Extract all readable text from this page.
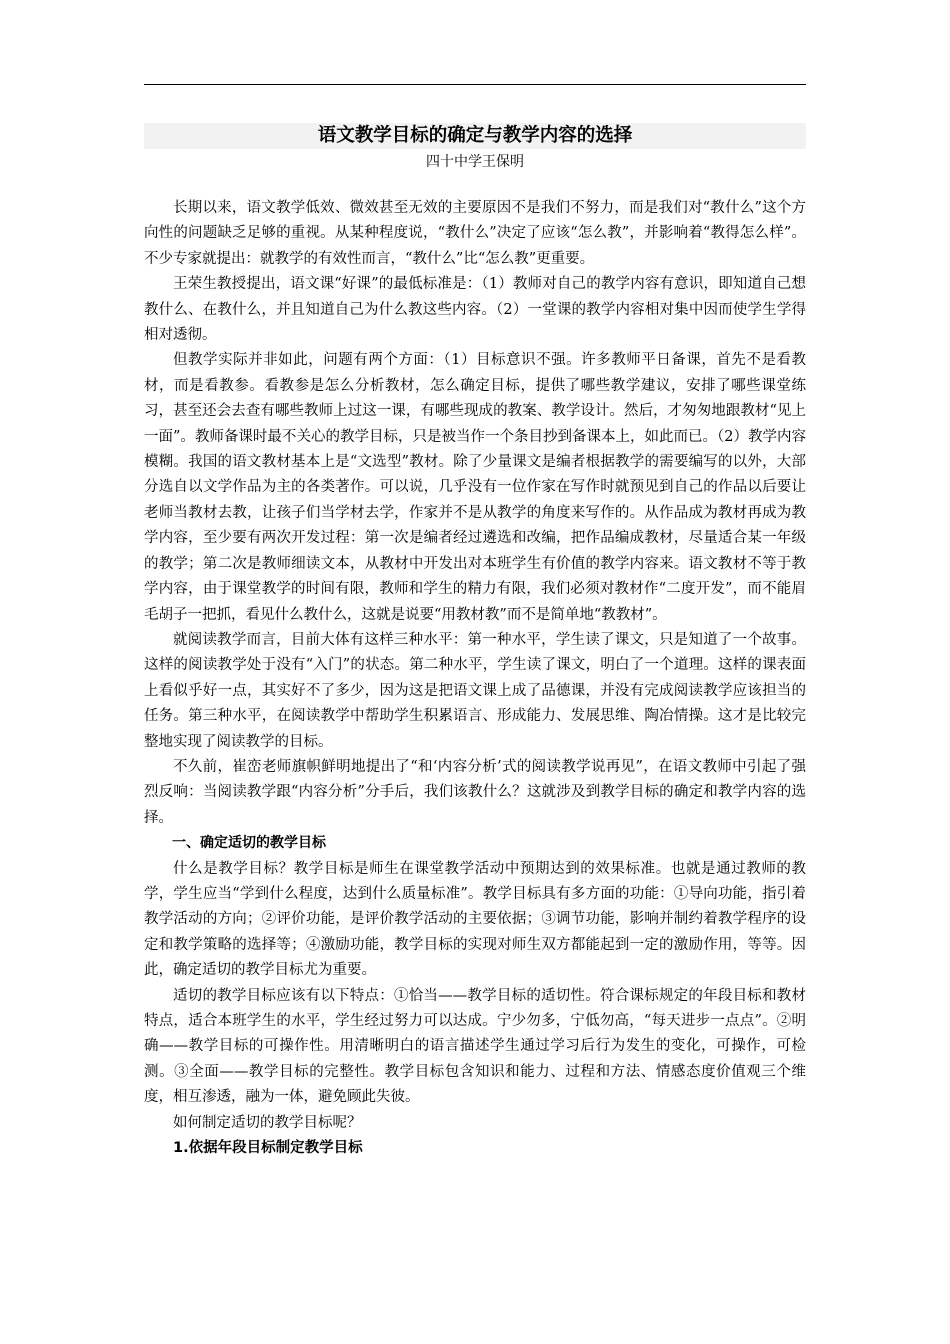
语文教学目标的确定与教学内容的选择
四十中学王保明

长期以来，语文教学低效、微效甚至无效的主要原因不是我们不努力，而是我们对“教什么”这个方向性的问题缺乏足够的重视。从某种程度说，“教什么”决定了应该“怎么教”，并影响着“教得怎么样”。不少专家就提出：就教学的有效性而言，“教什么”比“怎么教”更重要。

王荣生教授提出，语文课“好课”的最低标准是：（1）教师对自己的教学内容有意识，即知道自己想教什么、在教什么，并且知道自己为什么教这些内容。（2）一堂课的教学内容相对集中因而使学生学得相对透彻。

但教学实际并非如此，问题有两个方面：（1）目标意识不强。许多教师平日备课，首先不是看教材，而是看教参。看教参是怎么分析教材，怎么确定目标，提供了哪些教学建议，安排了哪些课堂练习，甚至还会去查有哪些教师上过这一课，有哪些现成的教案、教学设计。然后，才匆匆地跟教材“见上一面”。教师备课时最不关心的教学目标，只是被当作一个条目抄到备课本上，如此而已。（2）教学内容模糊。我国的语文教材基本上是“文选型”教材。除了少量课文是编者根据教学的需要编写的以外，大部分选自以文学作品为主的各类著作。可以说，几乎没有一位作家在写作时就预见到自己的作品以后要让老师当教材去教，让孩子们当学材去学，作家并不是从教学的角度来写作的。从作品成为教材再成为教学内容，至少要有两次开发过程：第一次是编者经过遴选和改编，把作品编成教材，尽量适合某一年级的教学；第二次是教师细读文本，从教材中开发出对本班学生有价值的教学内容来。语文教材不等于教学内容，由于课堂教学的时间有限，教师和学生的精力有限，我们必须对教材作“二度开发”，而不能眉毛胡子一把抓，看见什么教什么，这就是说要“用教材教”而不是简单地“教教材”。

就阅读教学而言，目前大体有这样三种水平：第一种水平，学生读了课文，只是知道了一个故事。这样的阅读教学处于没有“入门”的状态。第二种水平，学生读了课文，明白了一个道理。这样的课表面上看似乎好一点，其实好不了多少，因为这是把语文课上成了品德课，并没有完成阅读教学应该担当的任务。第三种水平，在阅读教学中帮助学生积累语言、形成能力、发展思维、陶冶情操。这才是比较完整地实现了阅读教学的目标。

不久前，崔峦老师旗帜鲜明地提出了“和‘内容分析’式的阅读教学说再见”，在语文教师中引起了强烈反响：当阅读教学跟“内容分析”分手后，我们该教什么？这就涉及到教学目标的确定和教学内容的选择。

一、确定适切的教学目标

什么是教学目标？教学目标是师生在课堂教学活动中预期达到的效果标准。也就是通过教师的教学，学生应当“学到什么程度，达到什么质量标准”。教学目标具有多方面的功能：①导向功能，指引着教学活动的方向；②评价功能，是评价教学活动的主要依据；③调节功能，影响并制约着教学程序的设定和教学策略的选择等；④激励功能，教学目标的实现对师生双方都能起到一定的激励作用，等等。因此，确定适切的教学目标尤为重要。

适切的教学目标应该有以下特点：①恰当——教学目标的适切性。符合课标规定的年段目标和教材特点，适合本班学生的水平，学生经过努力可以达成。宁少勿多，宁低勿高，“每天进步一点点”。②明确——教学目标的可操作性。用清晰明白的语言描述学生通过学习后行为发生的变化，可操作，可检测。③全面——教学目标的完整性。教学目标包含知识和能力、过程和方法、情感态度价值观三个维度，相互渗透，融为一体，避免顾此失彼。

如何制定适切的教学目标呢？

1.依据年段目标制定教学目标
